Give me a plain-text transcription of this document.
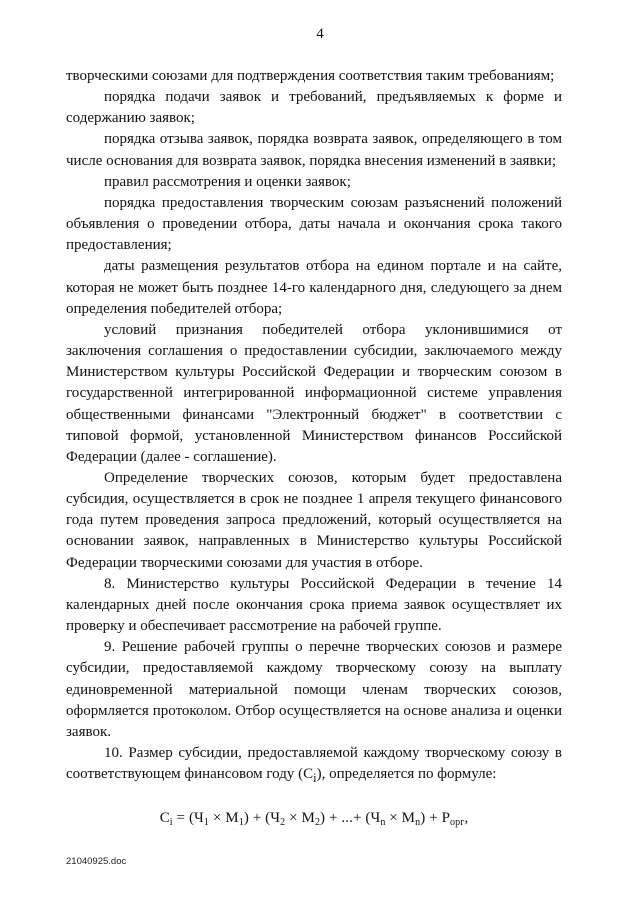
4

творческими союзами для подтверждения соответствия таким требованиям;

порядка подачи заявок и требований, предъявляемых к форме и содержанию заявок;

порядка отзыва заявок, порядка возврата заявок, определяющего в том числе основания для возврата заявок, порядка внесения изменений в заявки;

правил рассмотрения и оценки заявок;

порядка предоставления творческим союзам разъяснений положений объявления о проведении отбора, даты начала и окончания срока такого предоставления;

даты размещения результатов отбора на едином портале и на сайте, которая не может быть позднее 14-го календарного дня, следующего за днем определения победителей отбора;

условий признания победителей отбора уклонившимися от заключения соглашения о предоставлении субсидии, заключаемого между Министерством культуры Российской Федерации и творческим союзом в государственной интегрированной информационной системе управления общественными финансами "Электронный бюджет" в соответствии с типовой формой, установленной Министерством финансов Российской Федерации (далее - соглашение).

Определение творческих союзов, которым будет предоставлена субсидия, осуществляется в срок не позднее 1 апреля текущего финансового года путем проведения запроса предложений, который осуществляется на основании заявок, направленных в Министерство культуры Российской Федерации творческими союзами для участия в отборе.

8. Министерство культуры Российской Федерации в течение 14 календарных дней после окончания срока приема заявок осуществляет их проверку и обеспечивает рассмотрение на рабочей группе.

9. Решение рабочей группы о перечне творческих союзов и размере субсидии, предоставляемой каждому творческому союзу на выплату единовременной материальной помощи членам творческих союзов, оформляется протоколом. Отбор осуществляется на основе анализа и оценки заявок.

10. Размер субсидии, предоставляемой каждому творческому союзу в соответствующем финансовом году $(C_i)$, определяется по формуле:

$C_i = (Ч_1 \times M_1) + (Ч_2 \times M_2)$ + ...+ $(Ч_n \times M_n) + P_{орг}$,
21040925.doc
